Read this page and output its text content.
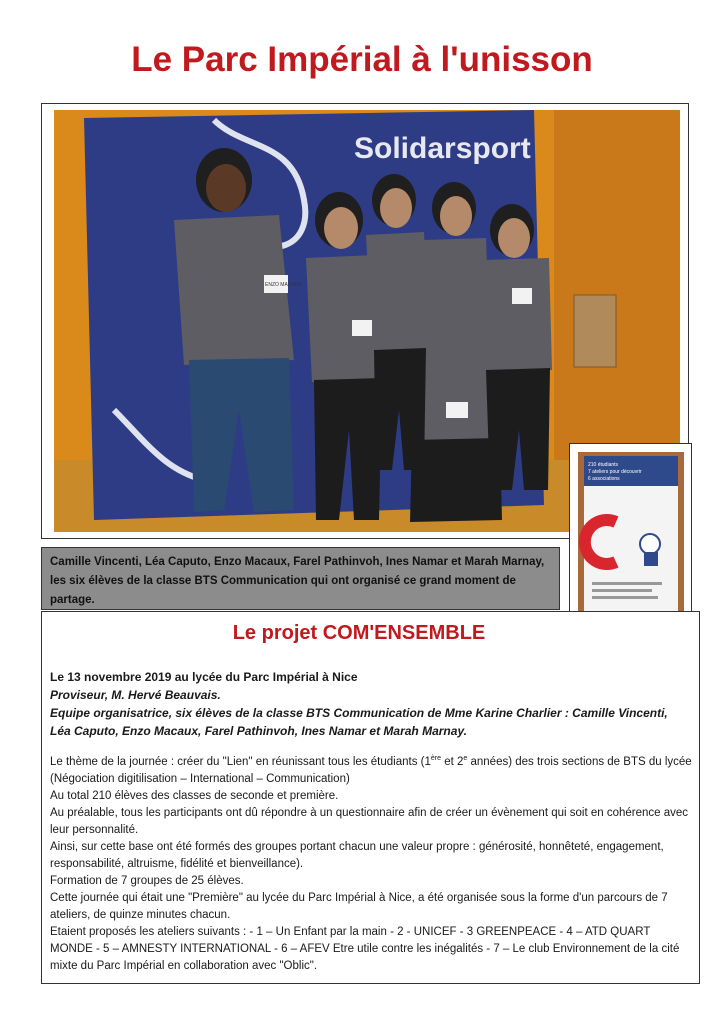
Le Parc Impérial à l'unisson
Solidarsport
ENZO MACAUX
Camille Vincenti, Léa Caputo, Enzo Macaux, Farel Pathinvoh, Ines Namar et Marah Marnay, les six élèves de la classe BTS Communication qui ont organisé ce grand moment de partage.
210 étudiants
7 ateliers pour découvrir
6 associations
Le projet COM'ENSEMBLE
Le 13 novembre 2019 au lycée du Parc Impérial à Nice
Proviseur, M. Hervé Beauvais.
Equipe organisatrice, six élèves de la classe BTS Communication de Mme Karine Charlier : Camille Vincenti, Léa Caputo, Enzo Macaux, Farel Pathinvoh, Ines Namar et Marah Marnay.

Le thème de la journée : créer du "Lien" en réunissant tous les étudiants (1ère et 2e années) des trois sections de BTS du lycée (Négociation digitilisation – International – Communication)

Au total 210 élèves des classes de seconde et première.

Au préalable, tous les participants ont dû répondre à un questionnaire afin de créer un évènement qui soit en cohérence avec leur personnalité.

Ainsi, sur cette base ont été formés des groupes portant chacun une valeur propre : générosité, honnêteté, engagement, responsabilité, altruisme, fidélité et bienveillance).

Formation de 7 groupes de 25 élèves.

Cette journée qui était une "Première" au lycée du Parc Impérial à Nice, a été organisée sous la forme d'un parcours de 7 ateliers, de quinze minutes chacun.

Etaient proposés les ateliers suivants : - 1 – Un Enfant par la main - 2 - UNICEF - 3 GREENPEACE - 4 – ATD QUART MONDE - 5 – AMNESTY INTERNATIONAL - 6 – AFEV Etre utile contre les inégalités - 7 – Le club Environnement de la cité mixte du Parc Impérial en collaboration avec "Oblic".
